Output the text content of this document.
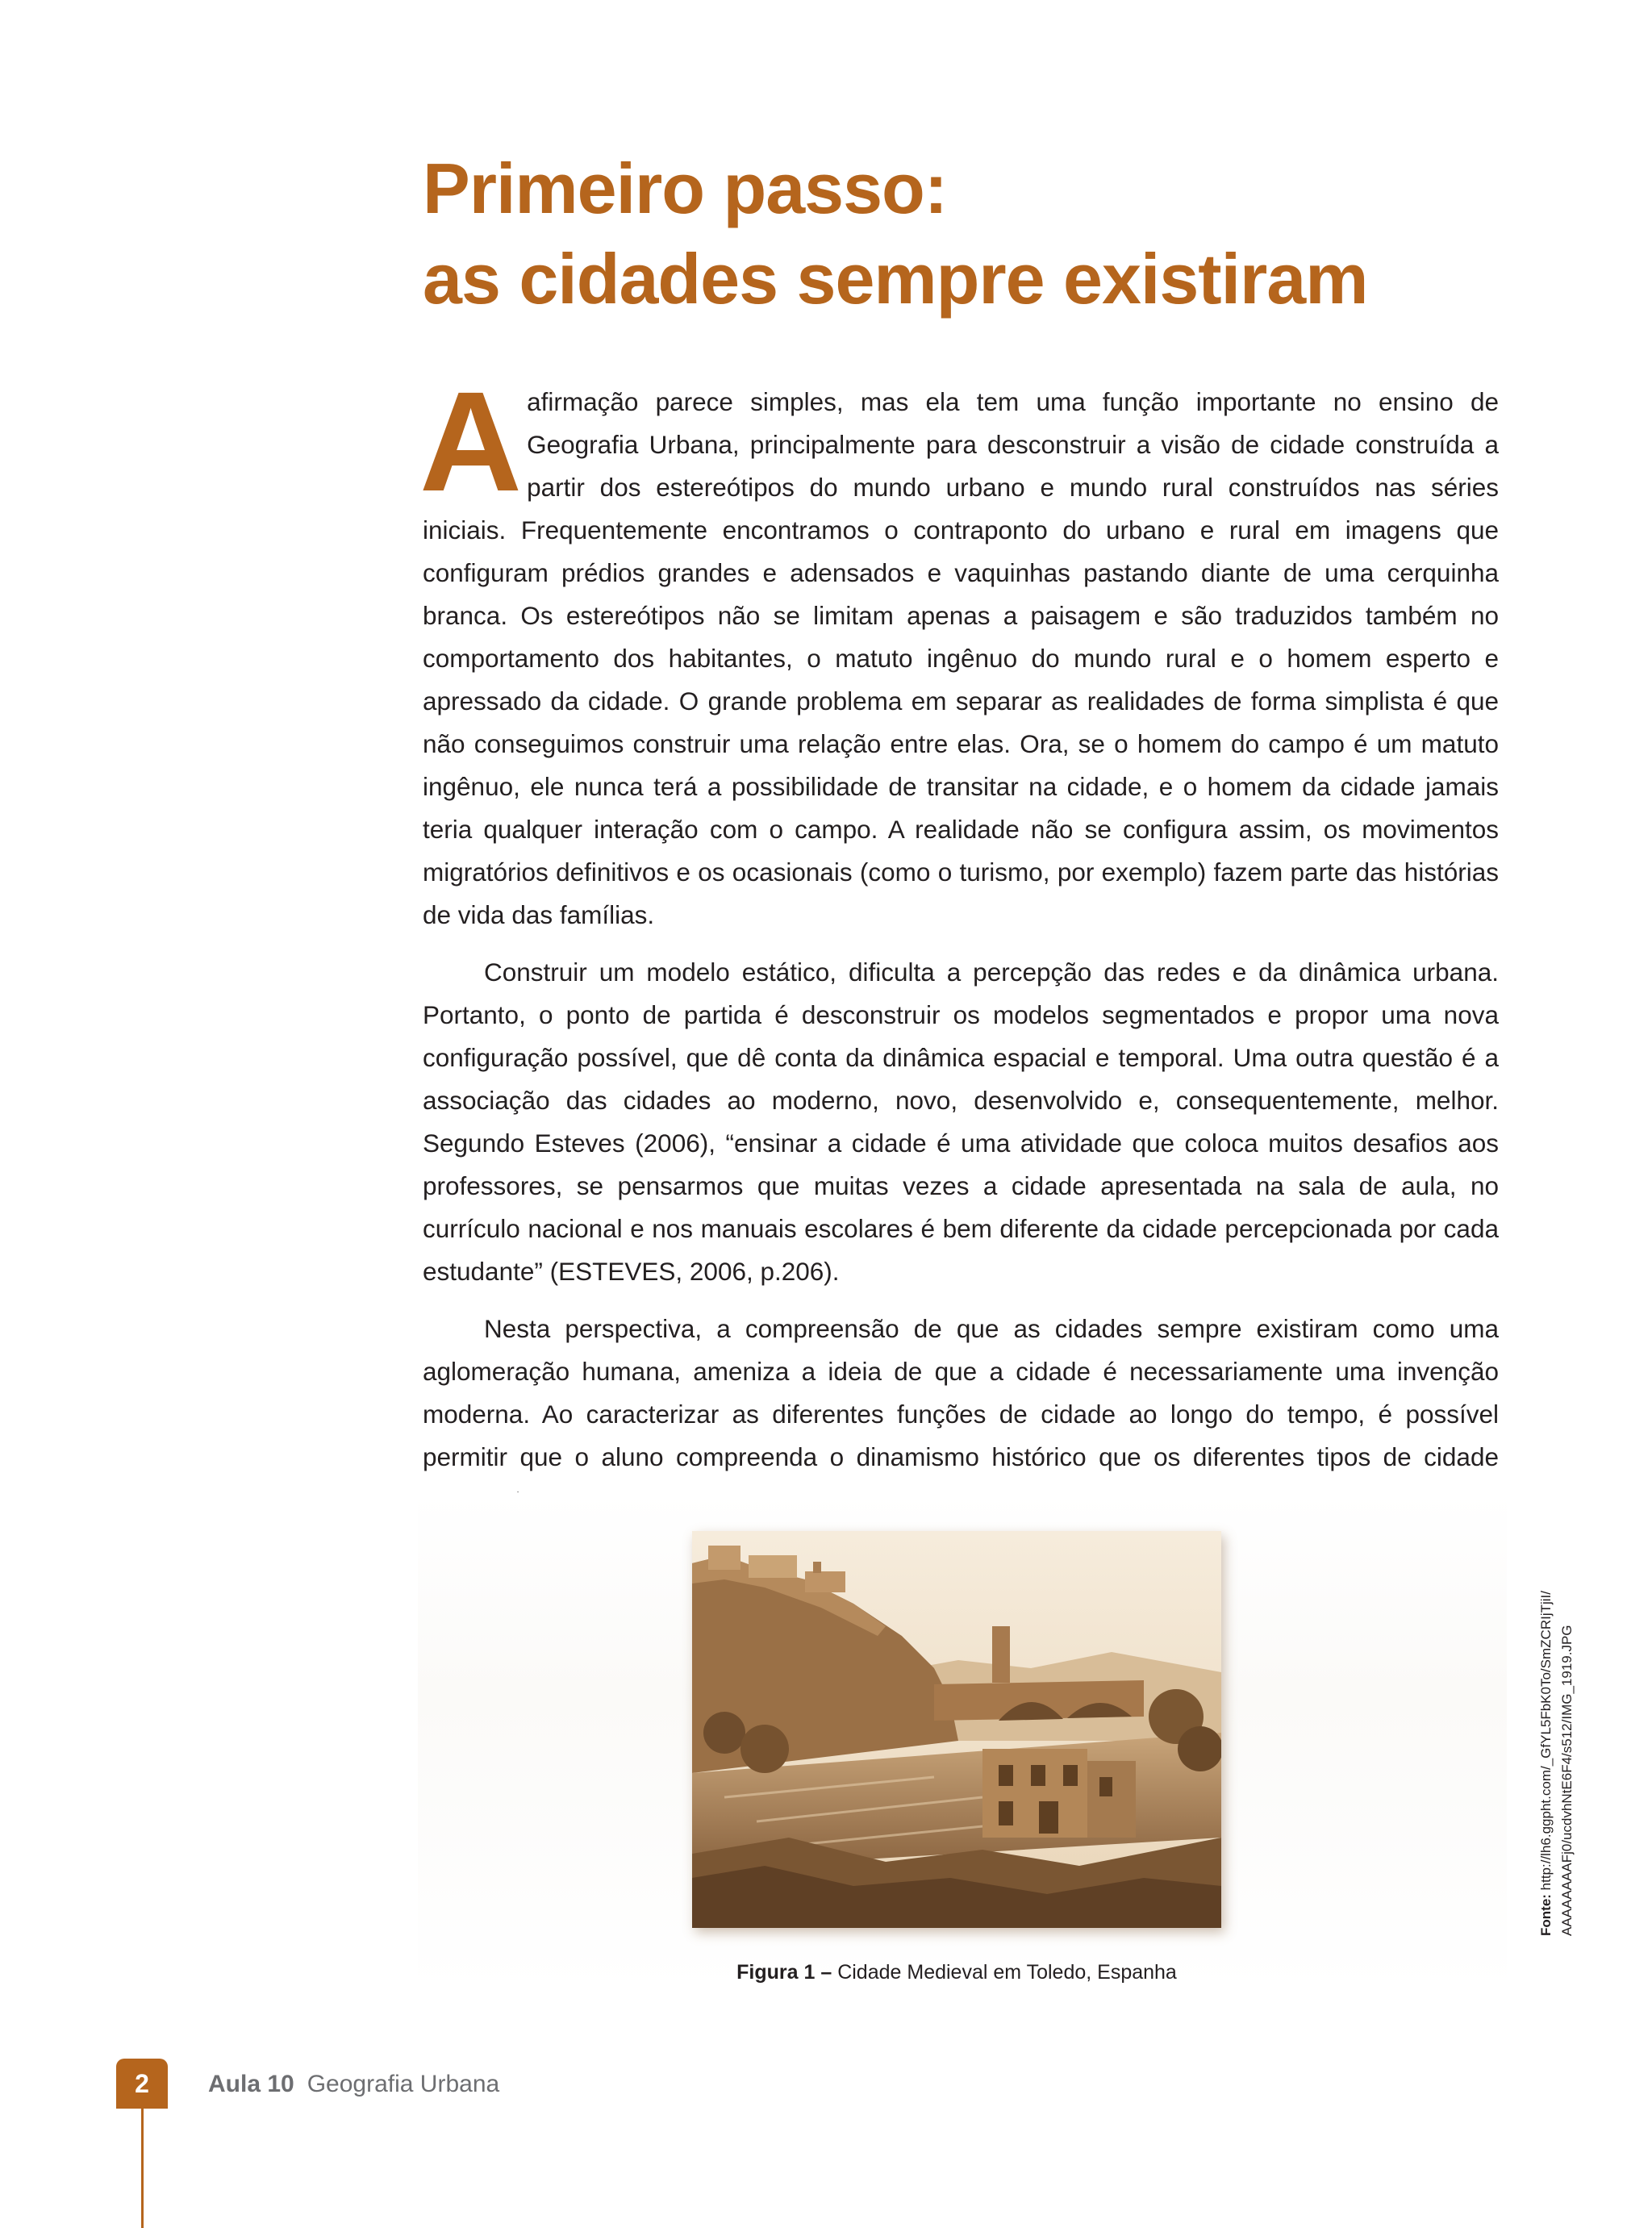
Primeiro passo:
as cidades sempre existiram

A afirmação parece simples, mas ela tem uma função importante no ensino de Geografia Urbana, principalmente para desconstruir a visão de cidade construída a partir dos estereótipos do mundo urbano e mundo rural construídos nas séries iniciais. Frequentemente encontramos o contraponto do urbano e rural em imagens que configuram prédios grandes e adensados e vaquinhas pastando diante de uma cerquinha branca. Os estereótipos não se limitam apenas a paisagem e são traduzidos também no comportamento dos habitantes, o matuto ingênuo do mundo rural e o homem esperto e apressado da cidade. O grande problema em separar as realidades de forma simplista é que não conseguimos construir uma relação entre elas. Ora, se o homem do campo é um matuto ingênuo, ele nunca terá a possibilidade de transitar na cidade, e o homem da cidade jamais teria qualquer interação com o campo. A realidade não se configura assim, os movimentos migratórios definitivos e os ocasionais (como o turismo, por exemplo) fazem parte das histórias de vida das famílias.

Construir um modelo estático, dificulta a percepção das redes e da dinâmica urbana. Portanto, o ponto de partida é desconstruir os modelos segmentados e propor uma nova configuração possível, que dê conta da dinâmica espacial e temporal. Uma outra questão é a associação das cidades ao moderno, novo, desenvolvido e, consequentemente, melhor. Segundo Esteves (2006), “ensinar a cidade é uma atividade que coloca muitos desafios aos professores, se pensarmos que muitas vezes a cidade apresentada na sala de aula, no currículo nacional e nos manuais escolares é bem diferente da cidade percepcionada por cada estudante” (ESTEVES, 2006, p.206).

Nesta perspectiva, a compreensão de que as cidades sempre existiram como uma aglomeração humana, ameniza a ideia de que a cidade é necessariamente uma invenção moderna. Ao caracterizar as diferentes funções de cidade ao longo do tempo, é possível permitir que o aluno compreenda o dinamismo histórico que os diferentes tipos de cidade

Figura 1 – Cidade Medieval em Toledo, Espanha
Fonte: http://lh6.ggpht.com/_GfYL5FbK0To/SmZCRIjTjiI/ AAAAAAAAFj0/ucdvhNtE6F4/s512/IMG_1919.JPG
2	Aula 10 Geografia Urbana
